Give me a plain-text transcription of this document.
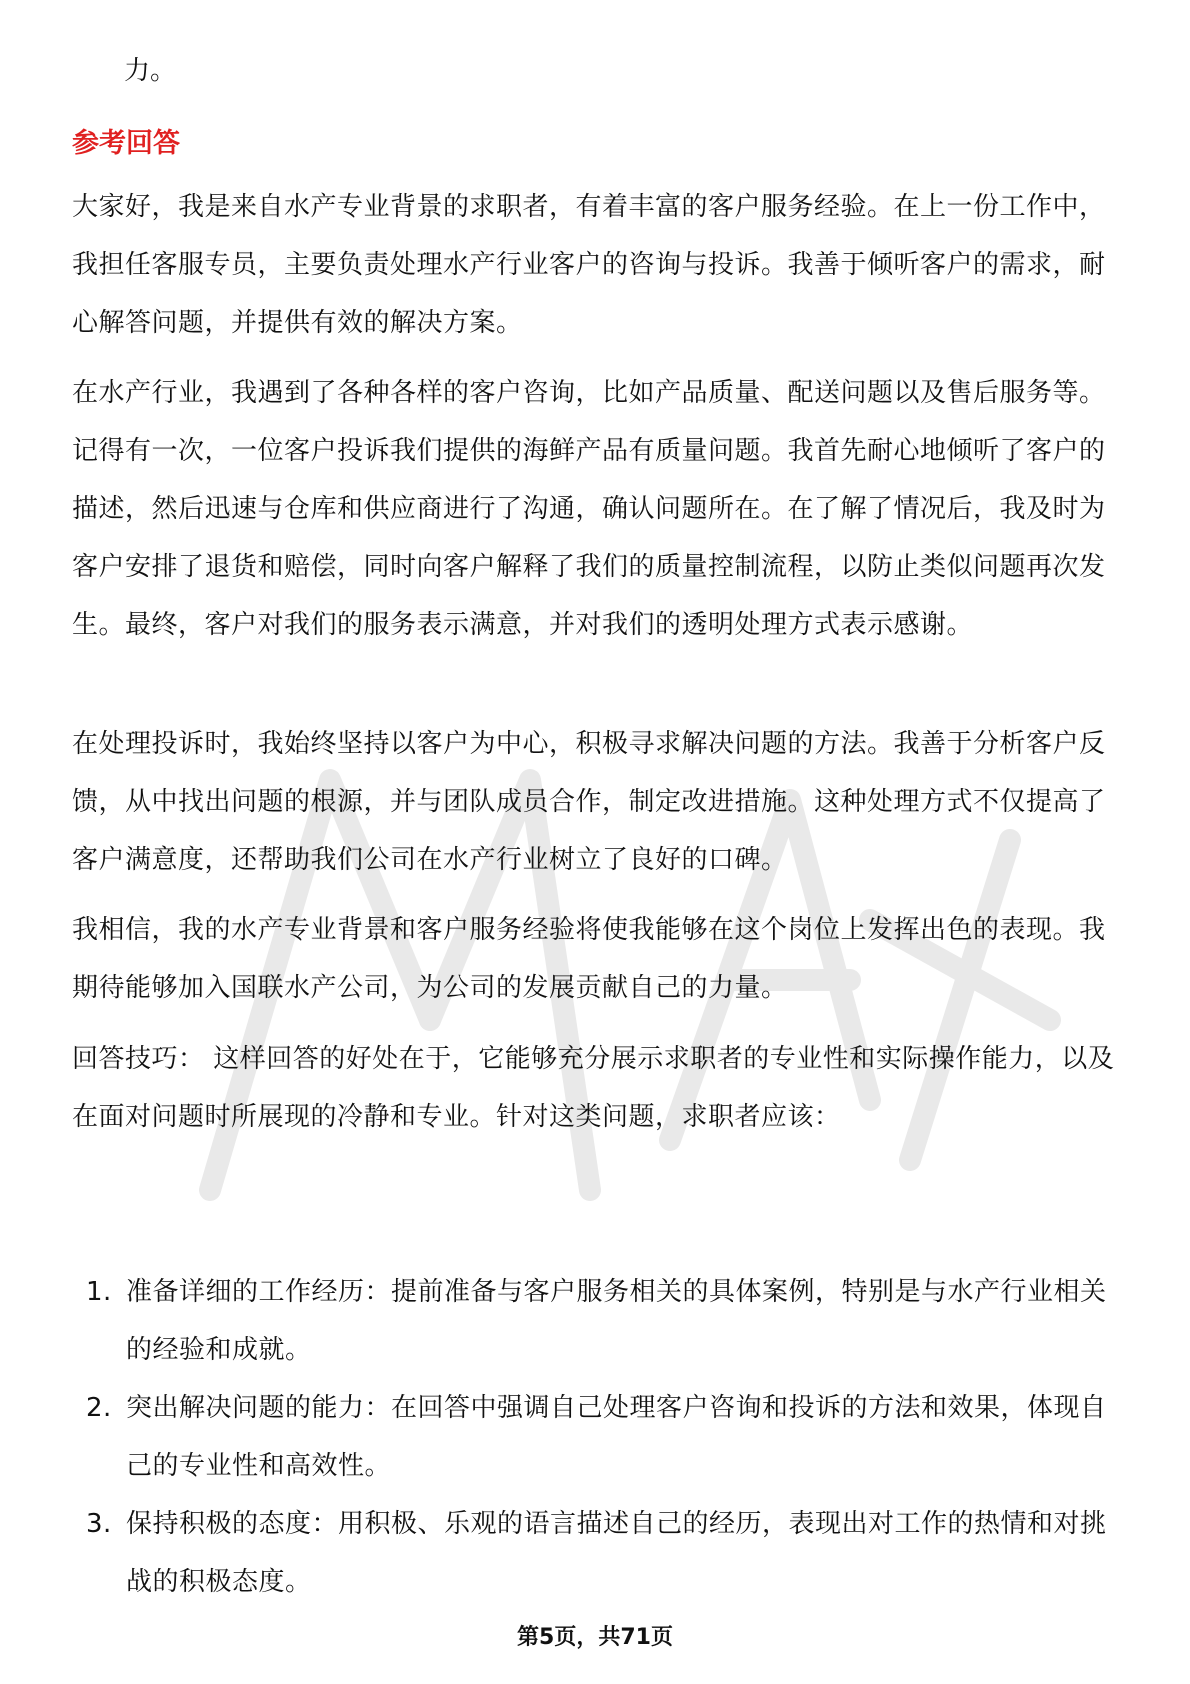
力。

参考回答

大家好，我是来自水产专业背景的求职者，有着丰富的客户服务经验。在上一份工作中，我担任客服专员，主要负责处理水产行业客户的咨询与投诉。我善于倾听客户的需求，耐心解答问题，并提供有效的解决方案。

在水产行业，我遇到了各种各样的客户咨询，比如产品质量、配送问题以及售后服务等。记得有一次，一位客户投诉我们提供的海鲜产品有质量问题。我首先耐心地倾听了客户的描述，然后迅速与仓库和供应商进行了沟通，确认问题所在。在了解了情况后，我及时为客户安排了退货和赔偿，同时向客户解释了我们的质量控制流程，以防止类似问题再次发生。最终，客户对我们的服务表示满意，并对我们的透明处理方式表示感谢。

在处理投诉时，我始终坚持以客户为中心，积极寻求解决问题的方法。我善于分析客户反馈，从中找出问题的根源，并与团队成员合作，制定改进措施。这种处理方式不仅提高了客户满意度，还帮助我们公司在水产行业树立了良好的口碑。

我相信，我的水产专业背景和客户服务经验将使我能够在这个岗位上发挥出色的表现。我期待能够加入国联水产公司，为公司的发展贡献自己的力量。

回答技巧： 这样回答的好处在于，它能够充分展示求职者的专业性和实际操作能力，以及在面对问题时所展现的冷静和专业。针对这类问题，求职者应该：

1. 准备详细的工作经历：提前准备与客户服务相关的具体案例，特别是与水产行业相关的经验和成就。
2. 突出解决问题的能力：在回答中强调自己处理客户咨询和投诉的方法和效果，体现自己的专业性和高效性。
3. 保持积极的态度：用积极、乐观的语言描述自己的经历，表现出对工作的热情和对挑战的积极态度。

第5页，共71页
